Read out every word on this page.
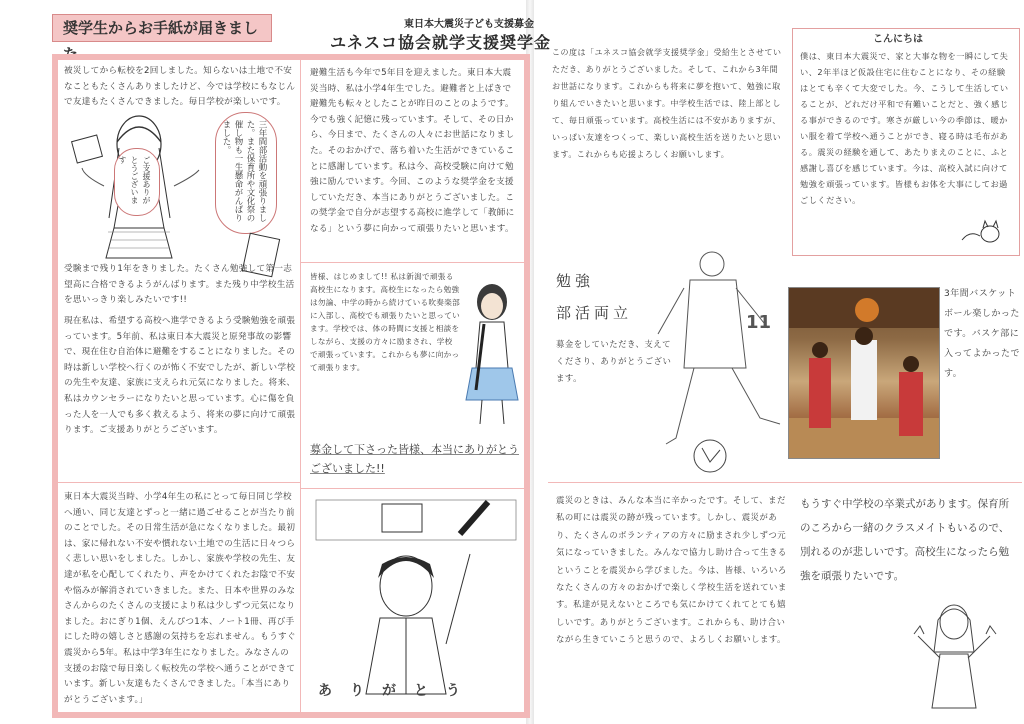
奨学生からお手紙が届きました
東日本大震災子ども支援募金
ユネスコ協会就学支援奨学金
被災してから転校を2回しました。知らないは土地で不安なこともたくさんありましたけど、今では学校にもなじんで友達もたくさんできました。毎日学校が楽しいです。
三年間部活動を頑張りました。また保育所や文化祭の催し物も一生懸命がんばりました。
ご支援ありがとうございます
受験まで残り1年をきりました。たくさん勉強して第一志望高に合格できるようがんばります。また残り中学校生活を思いっきり楽しみたいです!!
現在私は、希望する高校へ進学できるよう受験勉強を頑張っています。5年前、私は東日本大震災と原発事故の影響で、現在住む自治体に避難をすることになりました。その時は新しい学校へ行くのが怖く不安でしたが、新しい学校の先生や友達、家族に支えられ元気になりました。将来、私はカウンセラーになりたいと思っています。心に傷を負った人を一人でも多く救えるよう、将来の夢に向けて頑張ります。ご支援ありがとうございます。
東日本大震災当時、小学4年生の私にとって毎日同じ学校へ通い、同じ友達とずっと一緒に過ごせることが当たり前のことでした。その日常生活が急になくなりました。最初は、家に帰れない不安や慣れない土地での生活に日々つらく悲しい思いをしました。しかし、家族や学校の先生、友達が私を心配してくれたり、声をかけてくれたお陰で不安や悩みが解消されていきました。また、日本や世界のみなさんからのたくさんの支援により私は少しずつ元気になりました。おにぎり1個、えんぴつ1本、ノート1冊、再び手にした時の嬉しさと感謝の気持ちを忘れません。もうすぐ震災から5年。私は中学3年生になりました。みなさんの支援のお陰で毎日楽しく転校先の学校へ通うことができています。新しい友達もたくさんできました。「本当にありがとうございます。」
避難生活も今年で5年目を迎えました。東日本大震災当時、私は小学4年生でした。避難者と上ばきで避難先も転々としたことが昨日のことのようです。今でも強く記憶に残っています。そして、その日から、今日まで、たくさんの人々にお世話になりました。そのおかげで、落ち着いた生活ができていることに感謝しています。私は今、高校受験に向けて勉強に励んでいます。今回、このような奨学金を支援していただき、本当にありがとうございました。この奨学金で自分が志望する高校に進学して「教師になる」という夢に向かって頑張りたいと思います。
皆様、はじめまして!! 私は新潟で頑張る高校生になります。高校生になったら勉強は勿論、中学の時から続けている吹奏楽部に入部し、高校でも頑張りたいと思っています。学校では、体の時間に支援と相談をしながら、支援の方々に励まされ、学校で頑張っています。これからも夢に向かって頑張ります。
募金して下さった皆様、本当にありがとうございました!!
ありがとう
この度は「ユネスコ協会就学支援奨学金」受給生とさせていただき、ありがとうございました。そして、これから3年間お世話になります。これからも将来に夢を抱いて、勉強に取り組んでいきたいと思います。中学校生活では、陸上部として、毎日頑張っています。高校生活には不安がありますが、いっぱい友達をつくって、楽しい高校生活を送りたいと思います。これからも応援よろしくお願いします。
こんにちは
僕は、東日本大震災で、家と大事な物を一瞬にして失い、2年半ほど仮設住宅に住むことになり、その経験はとても辛くて大変でした。今、こうして生活していることが、どれだけ平和で有難いことだと、強く感じる事ができるのです。寒さが厳しい今の季節は、暖かい服を着て学校へ通うことができ、寝る時は毛布がある。震災の経験を通して、あたりまえのことに、ふと感謝し喜びを感じています。今は、高校入試に向けて勉強を頑張っています。皆様もお体を大事にしてお過ごしください。
勉強
部活両立
募金をしていただき、支えてくださり、ありがとうございます。
11
3年間バスケットボール楽しかったです。バスケ部に入ってよかったです。
震災のときは、みんな本当に辛かったです。そして、まだ私の町には震災の跡が残っています。しかし、震災があり、たくさんのボランティアの方々に励まされ少しずつ元気になっていきました。みんなで協力し助け合って生きるということを震災から学びました。今は、皆様、いろいろなたくさんの方々のおかげで楽しく学校生活を送れています。私達が見えないところでも気にかけてくれてとても嬉しいです。ありがとうございます。これからも、助け合いながら生きていこうと思うので、よろしくお願いします。
もうすぐ中学校の卒業式があります。保育所のころから一緒のクラスメイトもいるので、別れるのが悲しいです。高校生になったら勉強を頑張りたいです。
